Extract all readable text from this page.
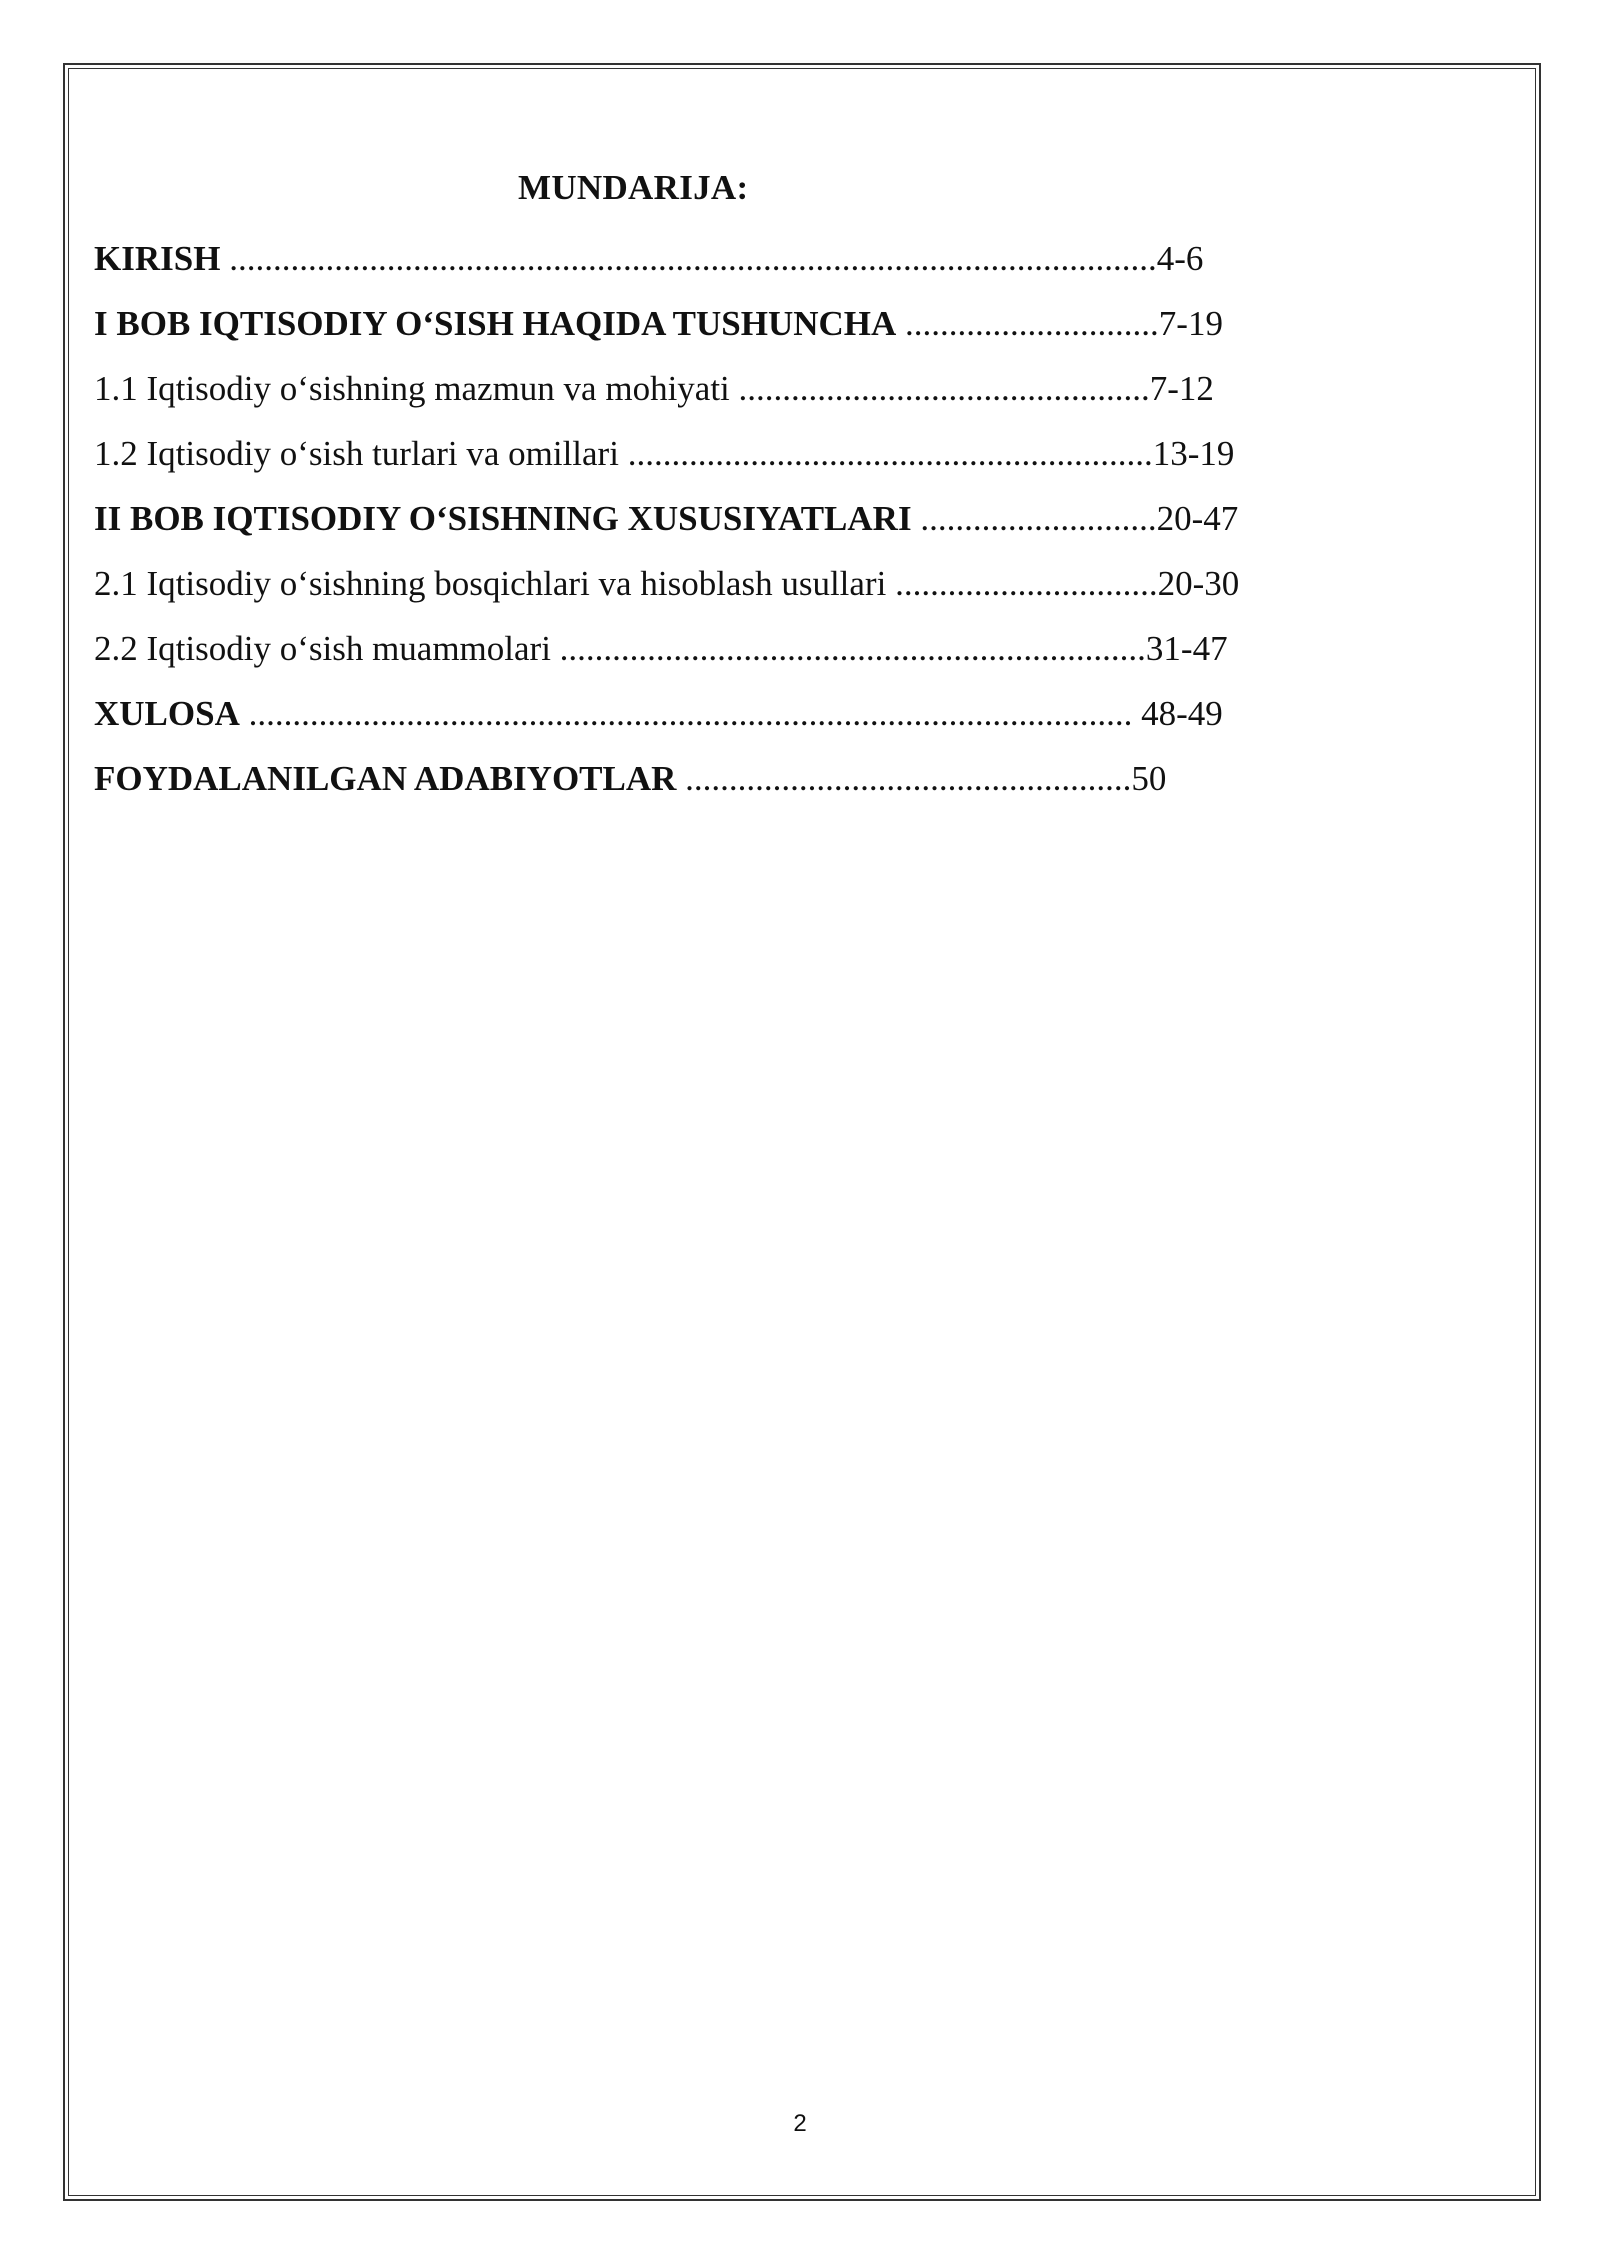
MUNDARIJA:
KIRISH ..........................................................................................................4-6
I BOB IQTISODIY O‘SISH HAQIDA TUSHUNCHA .............................7-19
1.1 Iqtisodiy o‘sishning mazmun va mohiyati ...............................................7-12
1.2 Iqtisodiy o‘sish turlari va omillari ............................................................13-19
II BOB IQTISODIY O‘SISHNING XUSUSIYATLARI ...........................20-47
2.1 Iqtisodiy o‘sishning bosqichlari va hisoblash usullari ..............................20-30
2.2 Iqtisodiy o‘sish muammolari ...................................................................31-47
XULOSA ..................................................................................................... 48-49
FOYDALANILGAN ADABIYOTLAR ...................................................50
2
